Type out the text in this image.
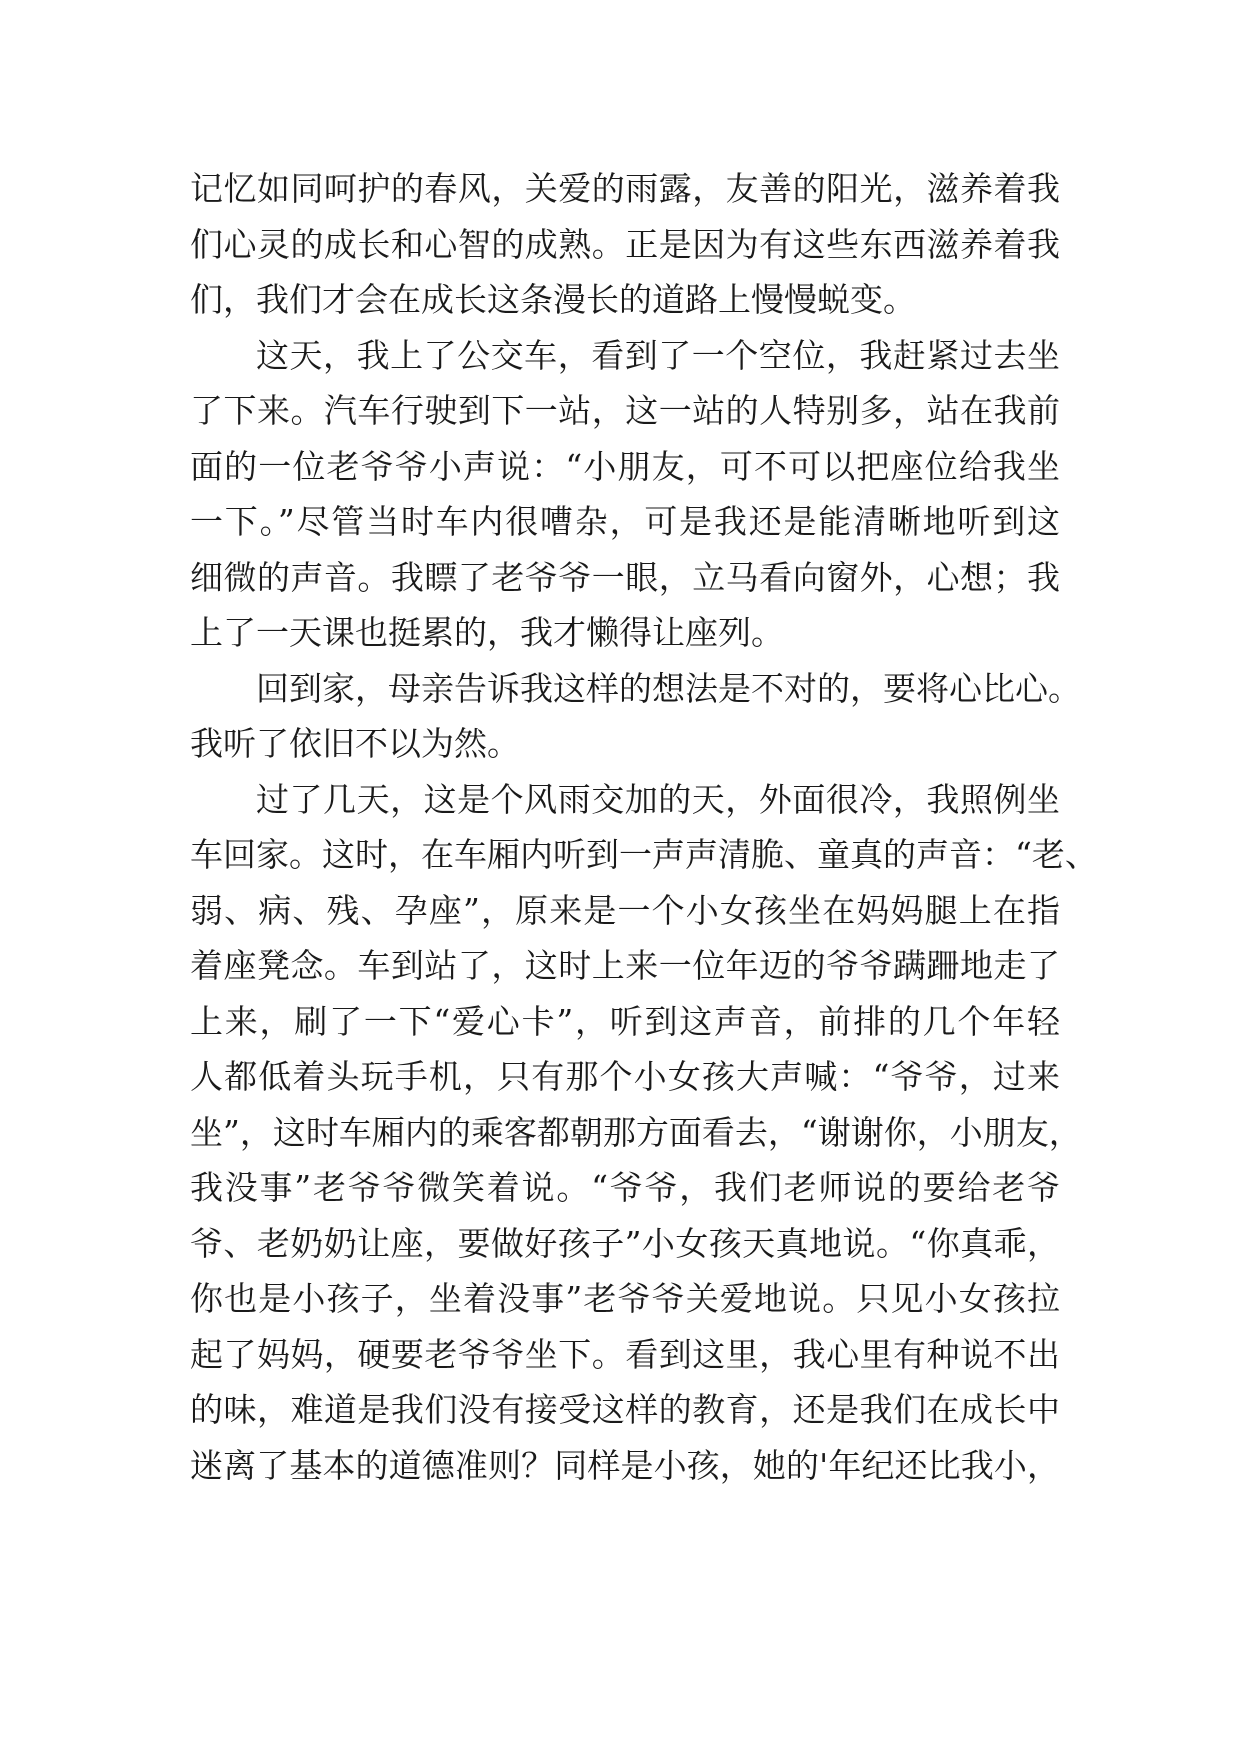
记忆如同呵护的春风，关爱的雨露，友善的阳光，滋养着我
们心灵的成长和心智的成熟。正是因为有这些东西滋养着我
们，我们才会在成长这条漫长的道路上慢慢蜕变。
这天，我上了公交车，看到了一个空位，我赶紧过去坐
了下来。汽车行驶到下一站，这一站的人特别多，站在我前
面的一位老爷爷小声说：“小朋友，可不可以把座位给我坐
一下。”尽管当时车内很嘈杂，可是我还是能清晰地听到这
细微的声音。我瞟了老爷爷一眼，立马看向窗外，心想；我
上了一天课也挺累的，我才懒得让座列。
回到家，母亲告诉我这样的想法是不对的，要将心比心。
我听了依旧不以为然。
过了几天，这是个风雨交加的天，外面很冷，我照例坐
车回家。这时，在车厢内听到一声声清脆、童真的声音：“老、
弱、病、残、孕座”，原来是一个小女孩坐在妈妈腿上在指
着座凳念。车到站了，这时上来一位年迈的爷爷蹒跚地走了
上来，刷了一下“爱心卡”，听到这声音，前排的几个年轻
人都低着头玩手机，只有那个小女孩大声喊：“爷爷，过来
坐”，这时车厢内的乘客都朝那方面看去，“谢谢你，小朋友，
我没事”老爷爷微笑着说。“爷爷，我们老师说的要给老爷
爷、老奶奶让座，要做好孩子”小女孩天真地说。“你真乖，
你也是小孩子，坐着没事”老爷爷关爱地说。只见小女孩拉
起了妈妈，硬要老爷爷坐下。看到这里，我心里有种说不出
的味，难道是我们没有接受这样的教育，还是我们在成长中
迷离了基本的道德准则？同样是小孩，她的'年纪还比我小，
